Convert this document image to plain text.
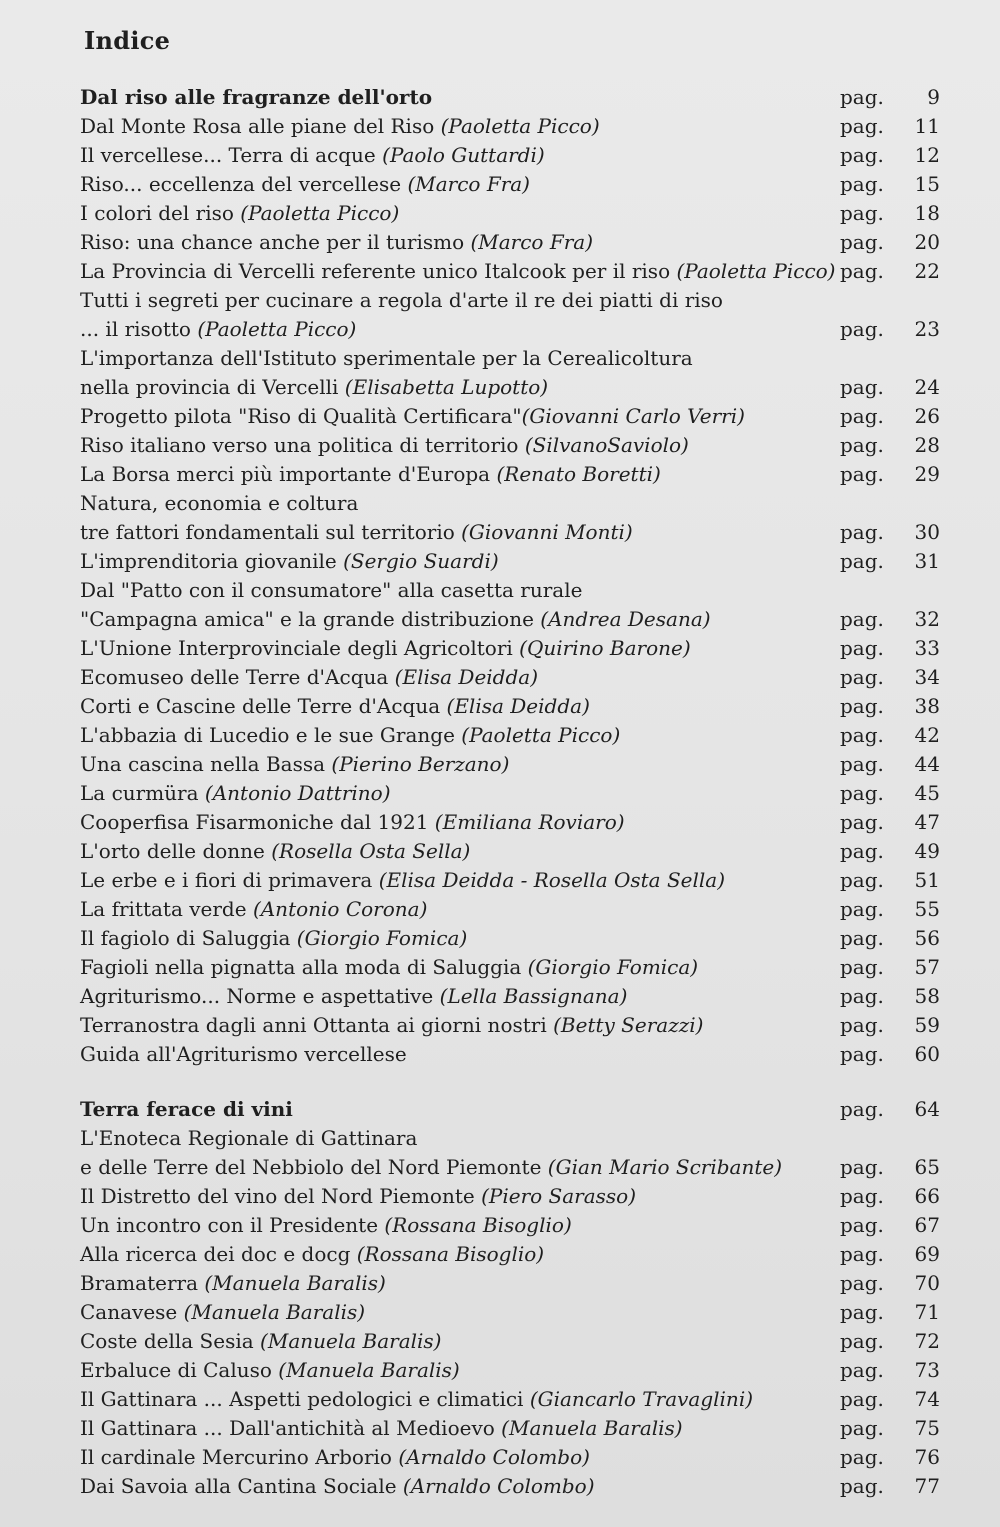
Indice
Dal riso alle fragranze dell'orto	pag.	9
Dal Monte Rosa alle piane del Riso (Paoletta Picco)	pag.	11
Il vercellese... Terra di acque (Paolo Guttardi)	pag.	12
Riso... eccellenza del vercellese (Marco Fra)	pag.	15
I colori del riso (Paoletta Picco)	pag.	18
Riso: una chance anche per il turismo (Marco Fra)	pag.	20
La Provincia di Vercelli referente unico Italcook per il riso (Paoletta Picco) pag.	22
Tutti i segreti per cucinare a regola d'arte il re dei piatti di riso
... il risotto (Paoletta Picco)	pag.	23
L'importanza dell'Istituto sperimentale per la Cerealicoltura
nella provincia di Vercelli (Elisabetta Lupotto)	pag.	24
Progetto pilota "Riso di Qualità Certificara"(Giovanni Carlo Verri)	pag.	26
Riso italiano verso una politica di territorio (SilvanoSaviolo)	pag.	28
La Borsa merci più importante d'Europa (Renato Boretti)	pag.	29
Natura, economia e coltura
tre fattori fondamentali sul territorio (Giovanni Monti)	pag.	30
L'imprenditoria giovanile (Sergio Suardi)	pag.	31
Dal "Patto con il consumatore" alla casetta rurale
"Campagna amica" e la grande distribuzione (Andrea Desana)	pag.	32
L'Unione Interprovinciale degli Agricoltori (Quirino Barone)	pag.	33
Ecomuseo delle Terre d'Acqua (Elisa Deidda)	pag.	34
Corti e Cascine delle Terre d'Acqua (Elisa Deidda)	pag.	38
L'abbazia di Lucedio e le sue Grange (Paoletta Picco)	pag.	42
Una cascina nella Bassa (Pierino Berzano)	pag.	44
La curmüra (Antonio Dattrino)	pag.	45
Cooperfisa Fisarmoniche dal 1921 (Emiliana Roviaro)	pag.	47
L'orto delle donne (Rosella Osta Sella)	pag.	49
Le erbe e i fiori di primavera (Elisa Deidda - Rosella Osta Sella)	pag.	51
La frittata verde (Antonio Corona)	pag.	55
Il fagiolo di Saluggia (Giorgio Fomica)	pag.	56
Fagioli nella pignatta alla moda di Saluggia (Giorgio Fomica)	pag.	57
Agriturismo... Norme e aspettative (Lella Bassignana)	pag.	58
Terranostra dagli anni Ottanta ai giorni nostri (Betty Serazzi)	pag.	59
Guida all'Agriturismo vercellese	pag.	60
Terra ferace di vini	pag.	64
L'Enoteca Regionale di Gattinara
e delle Terre del Nebbiolo del Nord Piemonte (Gian Mario Scribante)	pag.	65
Il Distretto del vino del Nord Piemonte (Piero Sarasso)	pag.	66
Un incontro con il Presidente (Rossana Bisoglio)	pag.	67
Alla ricerca dei doc e docg (Rossana Bisoglio)	pag.	69
Bramaterra (Manuela Baralis)	pag.	70
Canavese (Manuela Baralis)	pag.	71
Coste della Sesia (Manuela Baralis)	pag.	72
Erbaluce di Caluso (Manuela Baralis)	pag.	73
Il Gattinara ... Aspetti pedologici e climatici (Giancarlo Travaglini)	pag.	74
Il Gattinara ... Dall'antichità al Medioevo (Manuela Baralis)	pag.	75
Il cardinale Mercurino Arborio (Arnaldo Colombo)	pag.	76
Dai Savoia alla Cantina Sociale (Arnaldo Colombo)	pag.	77
